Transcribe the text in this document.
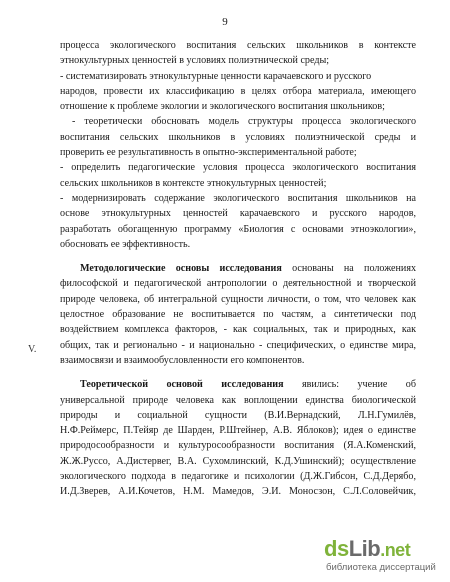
9
процесса экологического воспитания сельских школьников в контексте
этнокультурных ценностей в условиях полиэтнической среды;
- систематизировать этнокультурные ценности карачаевского и русского
народов, провести их классификацию в целях отбора материала, имеющего
отношение к проблеме экологии и экологического воспитания школьников;
- теоретически обосновать модель структуры процесса экологического
воспитания сельских школьников в условиях полиэтнической среды и
проверить ее результативность в опытно-экспериментальной работе;
- определить педагогические условия процесса экологического воспитания
сельских школьников в контексте этнокультурных ценностей;
- модернизировать содержание экологического воспитания школьников на
основе этнокультурных ценностей карачаевского и русского народов,
разработать обогащенную программу «Биология с основами этноэкологии»,
обосновать ее эффективность.
Методологические основы исследования основаны на положениях
философской и педагогической антропологии о деятельностной и творческой
природе человека, об интегральной сущности личности, о том, что человек как
целостное образование не воспитывается по частям, а синтетически под
воздействием комплекса факторов, - как социальных, так и природных, как
общих, так и регионально - и национально - специфических, о единстве мира,
взаимосвязи и взаимообусловленности его компонентов.
Теоретической основой исследования явились: учение об
универсальной природе человека как воплощении единства биологической
природы и социальной сущности (В.И.Вернадский, Л.Н.Гумилёв,
Н.Ф.Реймерс, П.Тейяр де Шарден, Р.Штейнер, А.В. Яблоков); идея о единстве
природосообразности и культуросообразности воспитания (Я.А.Коменский,
Ж.Ж.Руссо, А.Дистервег, В.А. Сухомлинский, К.Д.Ушинский); осуществление
экологического подхода в педагогике и психологии (Д.Ж.Гибсон, С.Д.Дерябо,
И.Д.Зверев, А.И.Кочетов, Н.М. Мамедов, Э.И. Моносзон, С.Л.Соловейчик,
V.
dsLib.net
библиотека диссертаций
